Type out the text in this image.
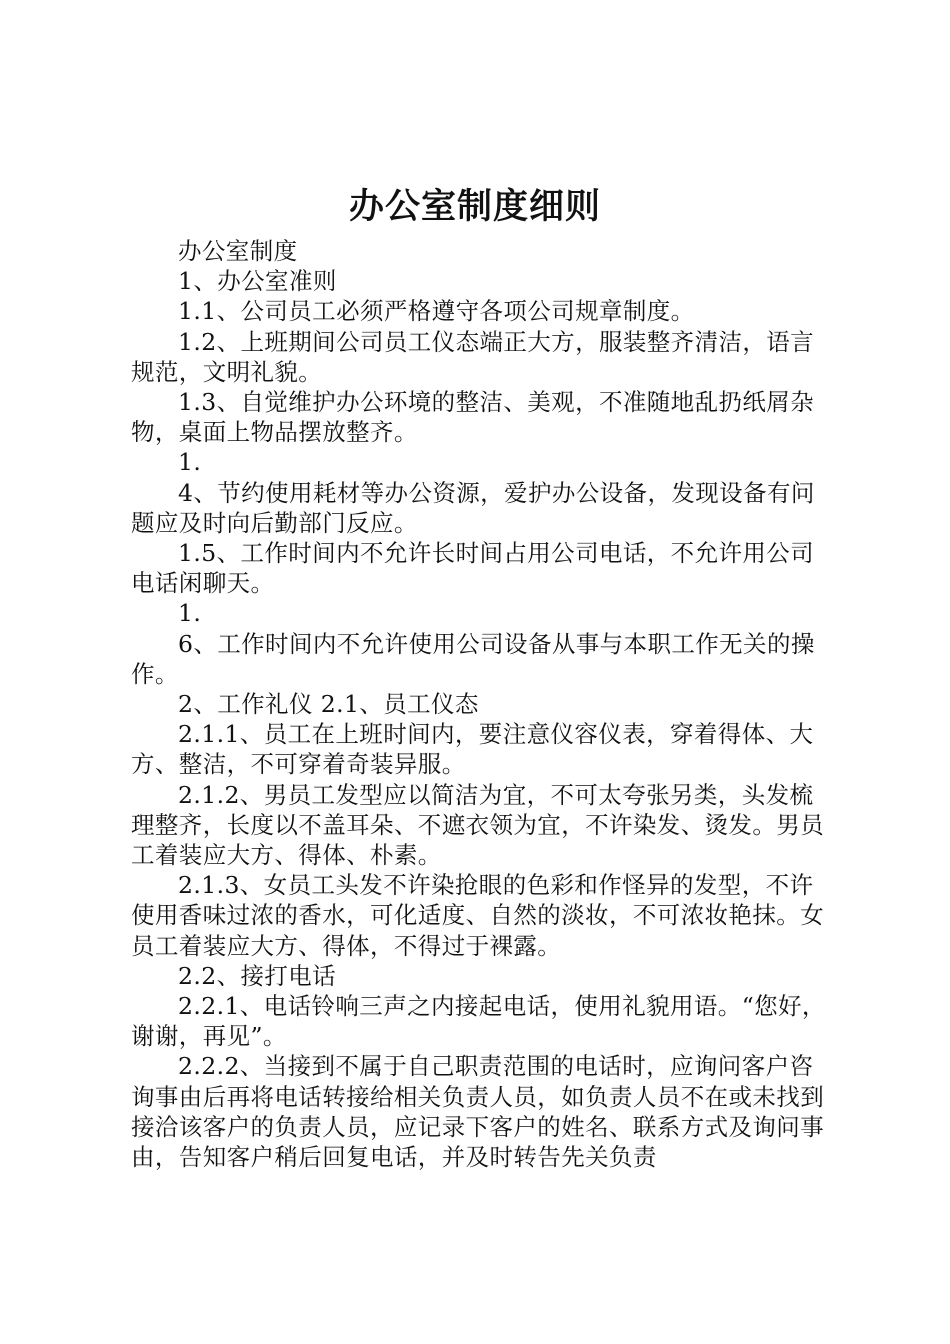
办公室制度细则

办公室制度

1、办公室准则

1.1、公司员工必须严格遵守各项公司规章制度。

1.2、上班期间公司员工仪态端正大方，服装整齐清洁，语言规范，文明礼貌。

1.3、自觉维护办公环境的整洁、美观，不准随地乱扔纸屑杂物，桌面上物品摆放整齐。

1.

4、节约使用耗材等办公资源，爱护办公设备，发现设备有问题应及时向后勤部门反应。

1.5、工作时间内不允许长时间占用公司电话，不允许用公司电话闲聊天。

1.

6、工作时间内不允许使用公司设备从事与本职工作无关的操作。

2、工作礼仪 2.1、员工仪态

2.1.1、员工在上班时间内，要注意仪容仪表，穿着得体、大方、整洁，不可穿着奇装异服。

2.1.2、男员工发型应以简洁为宜，不可太夸张另类，头发梳理整齐，长度以不盖耳朵、不遮衣领为宜，不许染发、烫发。男员工着装应大方、得体、朴素。

2.1.3、女员工头发不许染抢眼的色彩和作怪异的发型，不许使用香味过浓的香水，可化适度、自然的淡妆，不可浓妆艳抹。女员工着装应大方、得体，不得过于裸露。

2.2、接打电话

2.2.1、电话铃响三声之内接起电话，使用礼貌用语。“您好，谢谢，再见”。

2.2.2、当接到不属于自己职责范围的电话时，应询问客户咨询事由后再将电话转接给相关负责人员，如负责人员不在或未找到接洽该客户的负责人员，应记录下客户的姓名、联系方式及询问事由，告知客户稍后回复电话，并及时转告先关负责
